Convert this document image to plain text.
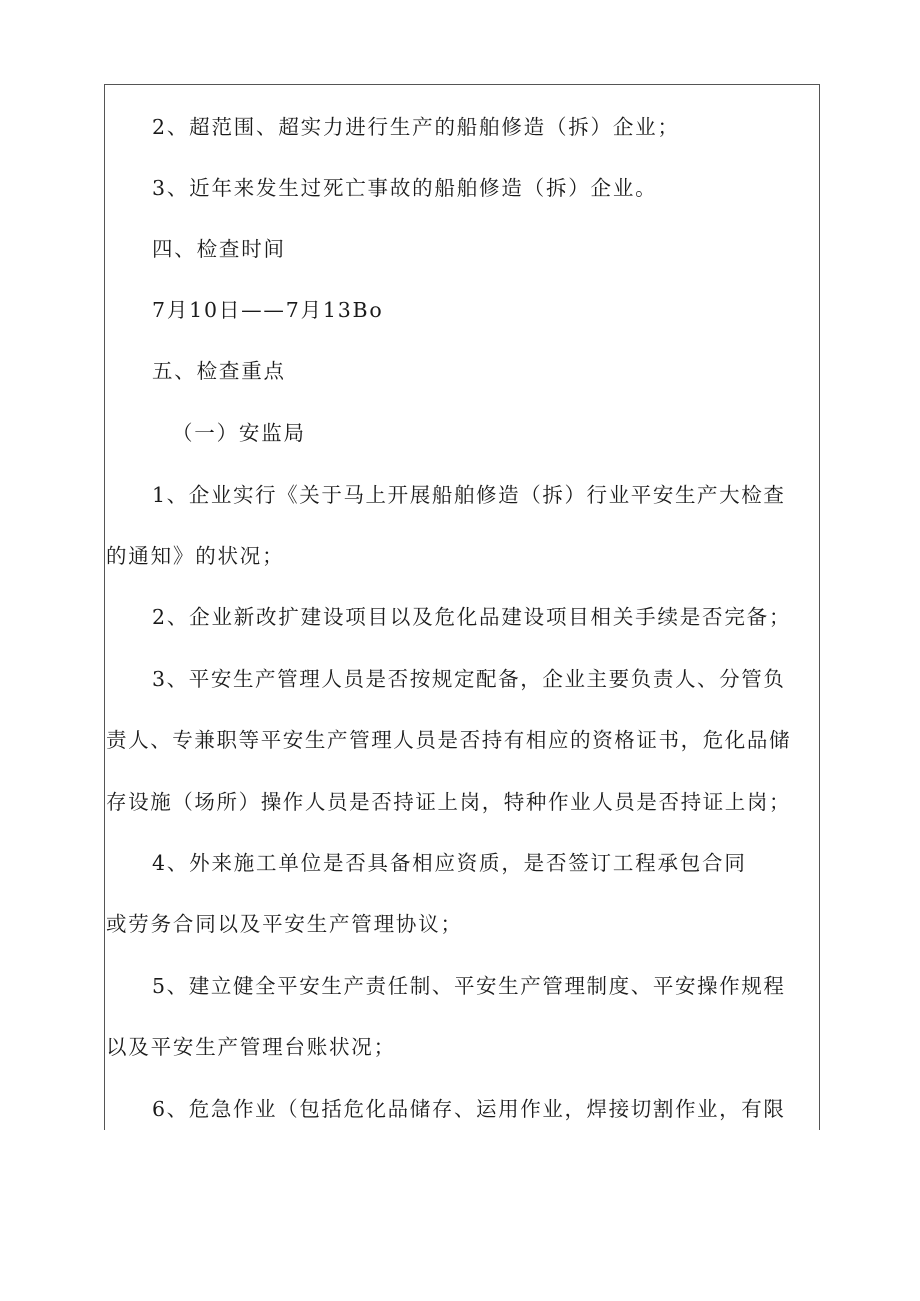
2、超范围、超实力进行生产的船舶修造（拆）企业；
3、近年来发生过死亡事故的船舶修造（拆）企业。
四、检查时间
7月10日——7月13Bo
五、检查重点
（一）安监局
1、企业实行《关于马上开展船舶修造（拆）行业平安生产大检查
的通知》的状况；
2、企业新改扩建设项目以及危化品建设项目相关手续是否完备；
3、平安生产管理人员是否按规定配备，企业主要负责人、分管负
责人、专兼职等平安生产管理人员是否持有相应的资格证书，危化品储
存设施（场所）操作人员是否持证上岗，特种作业人员是否持证上岗；
4、外来施工单位是否具备相应资质，是否签订工程承包合同
或劳务合同以及平安生产管理协议；
5、建立健全平安生产责任制、平安生产管理制度、平安操作规程
以及平安生产管理台账状况；
6、危急作业（包括危化品储存、运用作业，焊接切割作业，有限
